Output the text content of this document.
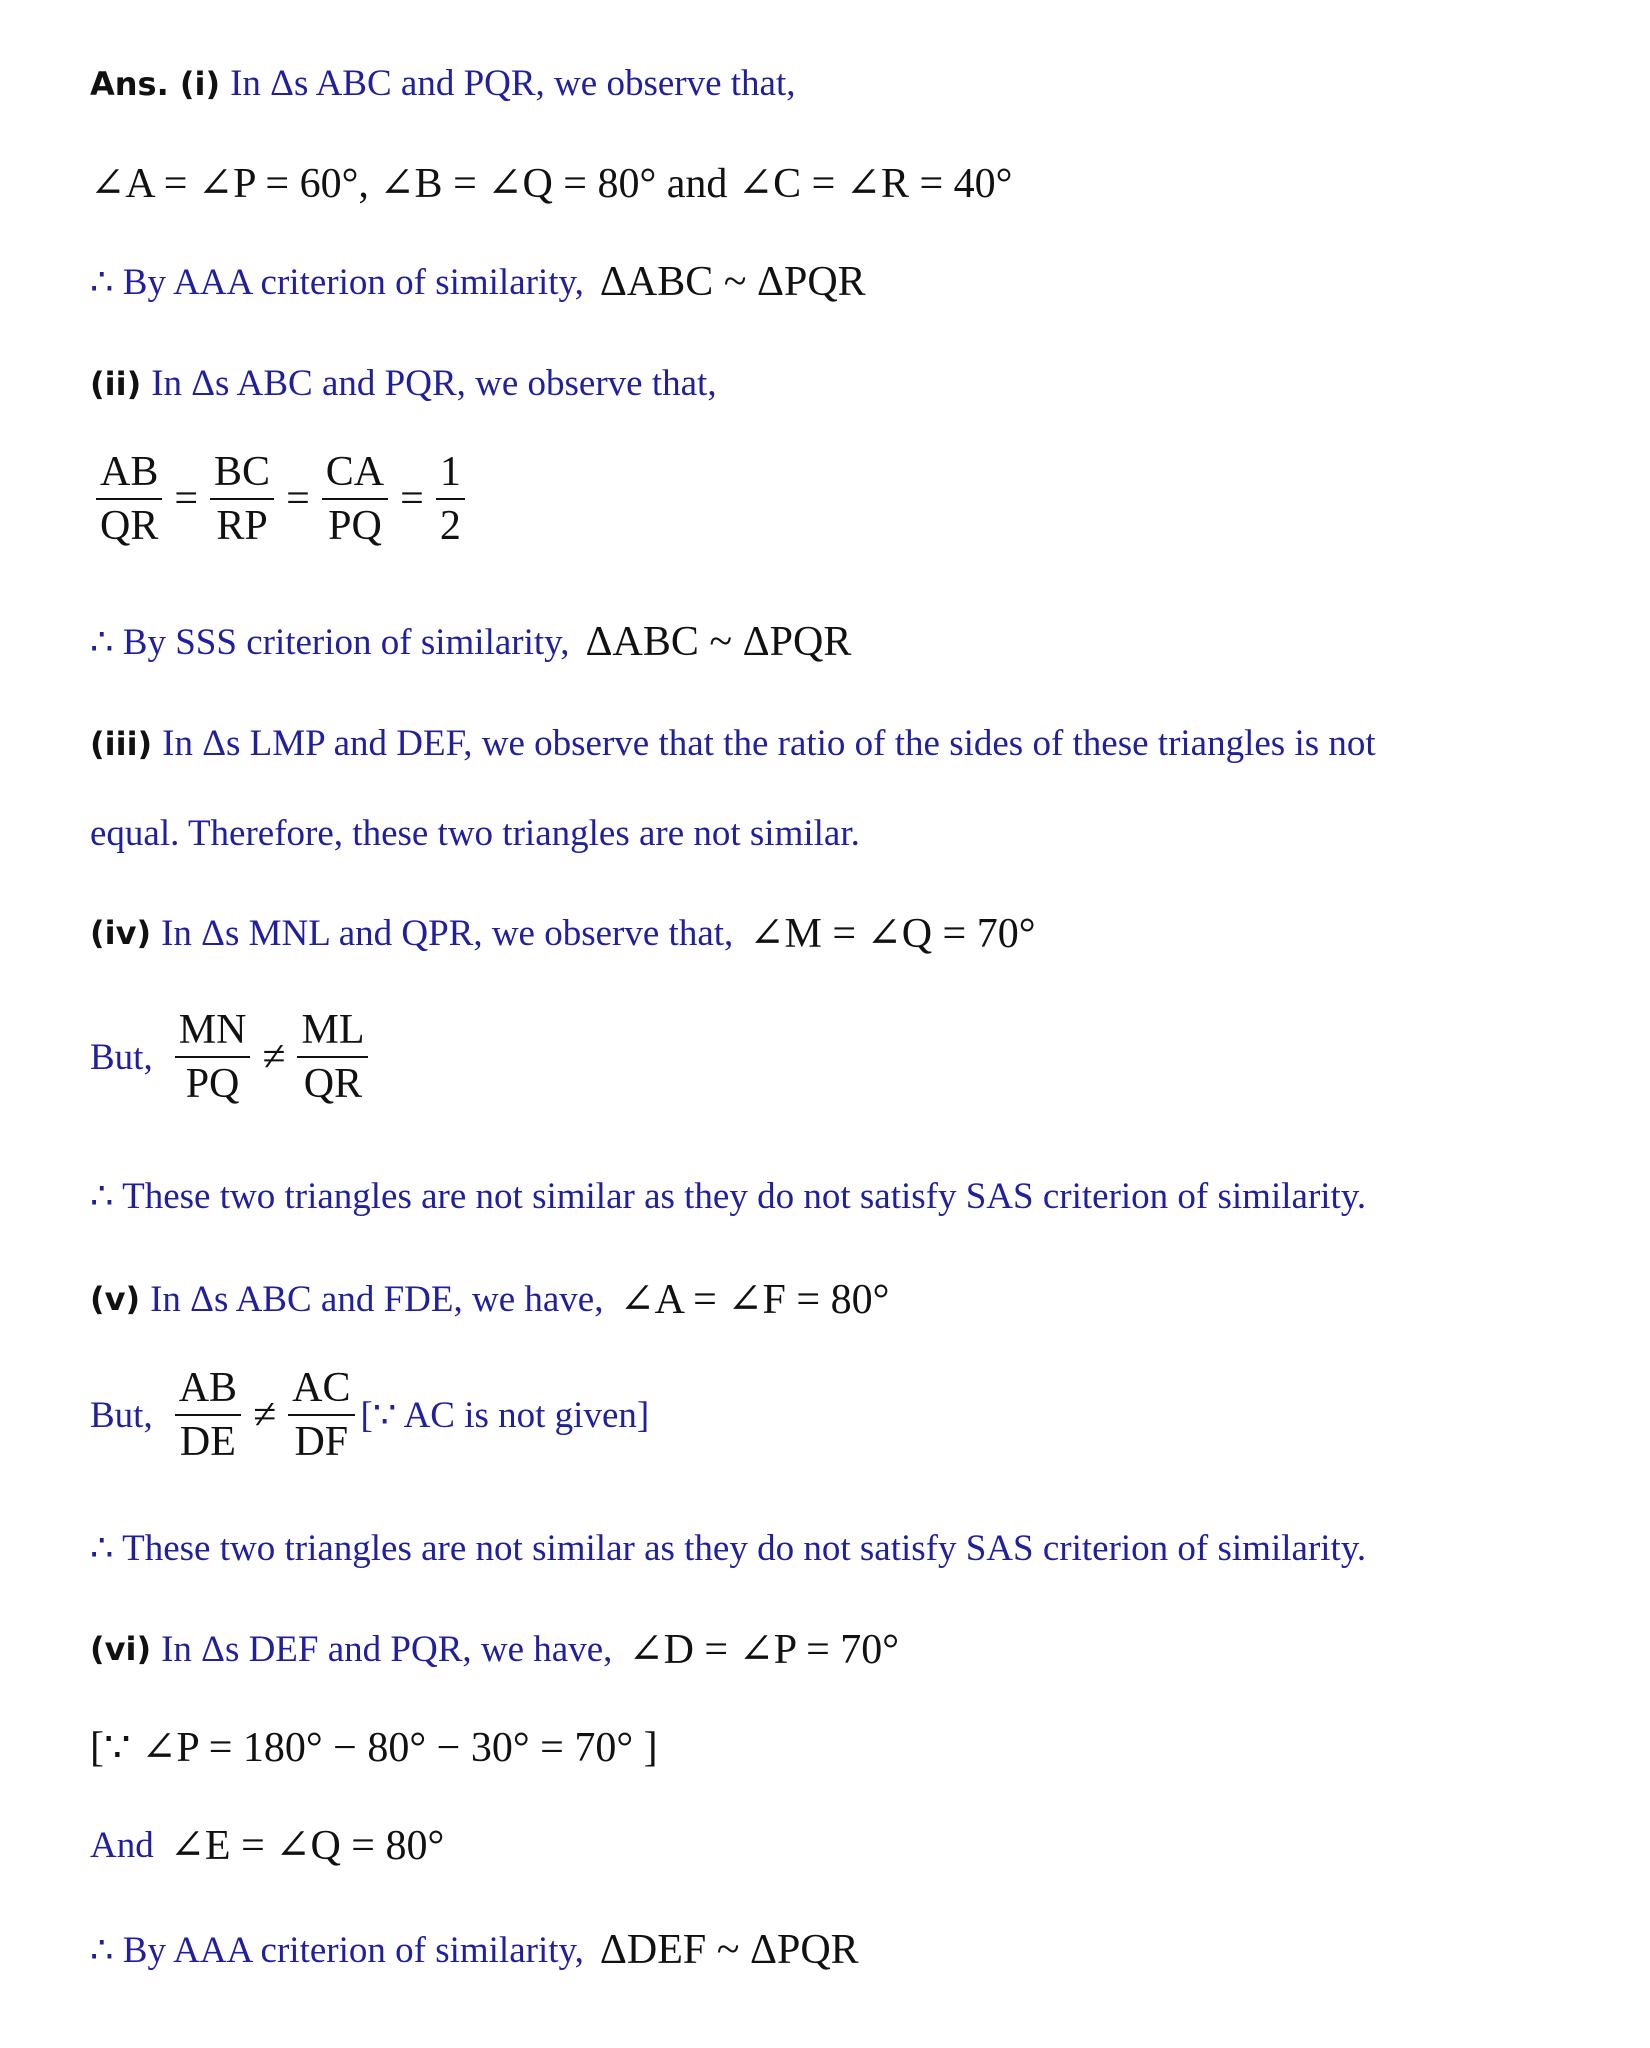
Ans. (i) In Δs ABC and PQR, we observe that,
∠A = ∠P = 60°, ∠B = ∠Q = 80° and ∠C = ∠R = 40°
∴ By AAA criterion of similarity, ΔABC ~ ΔPQR
(ii) In Δs ABC and PQR, we observe that,
$\frac{AB}{QR} = \frac{BC}{RP} = \frac{CA}{PQ} = \frac{1}{2}$
∴ By SSS criterion of similarity, ΔABC ~ ΔPQR
(iii) In Δs LMP and DEF, we observe that the ratio of the sides of these triangles is not
equal. Therefore, these two triangles are not similar.
(iv) In Δs MNL and QPR, we observe that, ∠M = ∠Q = 70°
But, $\frac{MN}{PQ} \ne \frac{ML}{QR}$
∴ These two triangles are not similar as they do not satisfy SAS criterion of similarity.
(v) In Δs ABC and FDE, we have, ∠A = ∠F = 80°
But, $\frac{AB}{DE} \ne \frac{AC}{DF}$ [∵ AC is not given]
∴ These two triangles are not similar as they do not satisfy SAS criterion of similarity.
(vi) In Δs DEF and PQR, we have, ∠D = ∠P = 70°
[∵ ∠P = 180° − 80° − 30° = 70° ]
And ∠E = ∠Q = 80°
∴ By AAA criterion of similarity, ΔDEF ~ ΔPQR
